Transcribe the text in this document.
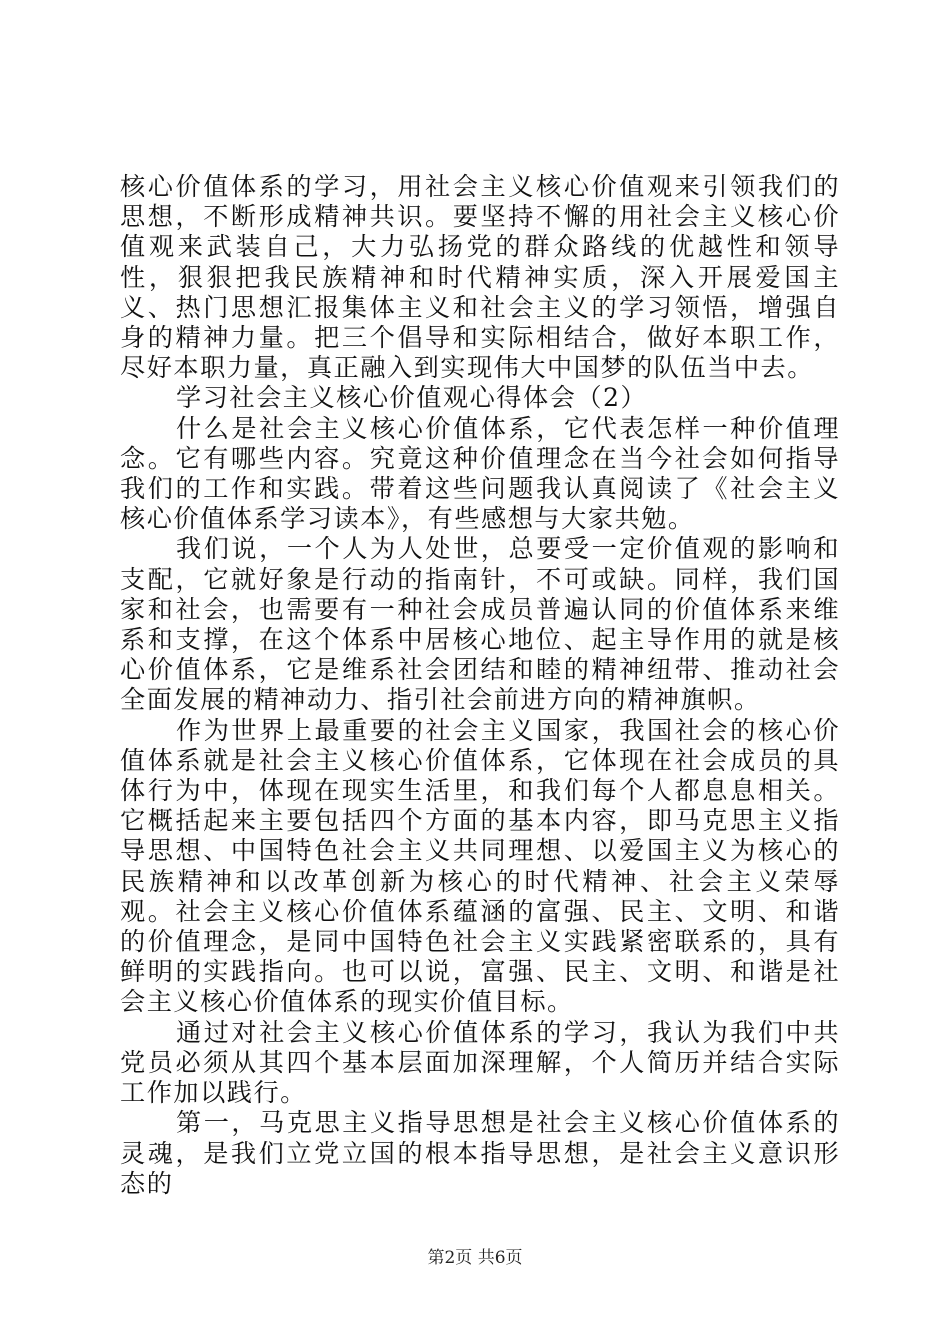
核心价值体系的学习，用社会主义核心价值观来引领我们的思想，不断形成精神共识。要坚持不懈的用社会主义核心价值观来武装自己，大力弘扬党的群众路线的优越性和领导性，狠狠把我民族精神和时代精神实质，深入开展爱国主义、热门思想汇报集体主义和社会主义的学习领悟，增强自身的精神力量。把三个倡导和实际相结合，做好本职工作，尽好本职力量，真正融入到实现伟大中国梦的队伍当中去。

学习社会主义核心价值观心得体会（2）

什么是社会主义核心价值体系，它代表怎样一种价值理念。它有哪些内容。究竟这种价值理念在当今社会如何指导我们的工作和实践。带着这些问题我认真阅读了《社会主义核心价值体系学习读本》，有些感想与大家共勉。

我们说，一个人为人处世，总要受一定价值观的影响和支配，它就好象是行动的指南针，不可或缺。同样，我们国家和社会，也需要有一种社会成员普遍认同的价值体系来维系和支撑，在这个体系中居核心地位、起主导作用的就是核心价值体系，它是维系社会团结和睦的精神纽带、推动社会全面发展的精神动力、指引社会前进方向的精神旗帜。

作为世界上最重要的社会主义国家，我国社会的核心价值体系就是社会主义核心价值体系，它体现在社会成员的具体行为中，体现在现实生活里，和我们每个人都息息相关。它概括起来主要包括四个方面的基本内容，即马克思主义指导思想、中国特色社会主义共同理想、以爱国主义为核心的民族精神和以改革创新为核心的时代精神、社会主义荣辱观。社会主义核心价值体系蕴涵的富强、民主、文明、和谐的价值理念，是同中国特色社会主义实践紧密联系的，具有鲜明的实践指向。也可以说，富强、民主、文明、和谐是社会主义核心价值体系的现实价值目标。

通过对社会主义核心价值体系的学习，我认为我们中共党员必须从其四个基本层面加深理解，个人简历并结合实际工作加以践行。

第一，马克思主义指导思想是社会主义核心价值体系的灵魂，是我们立党立国的根本指导思想，是社会主义意识形态的

第2页 共6页
